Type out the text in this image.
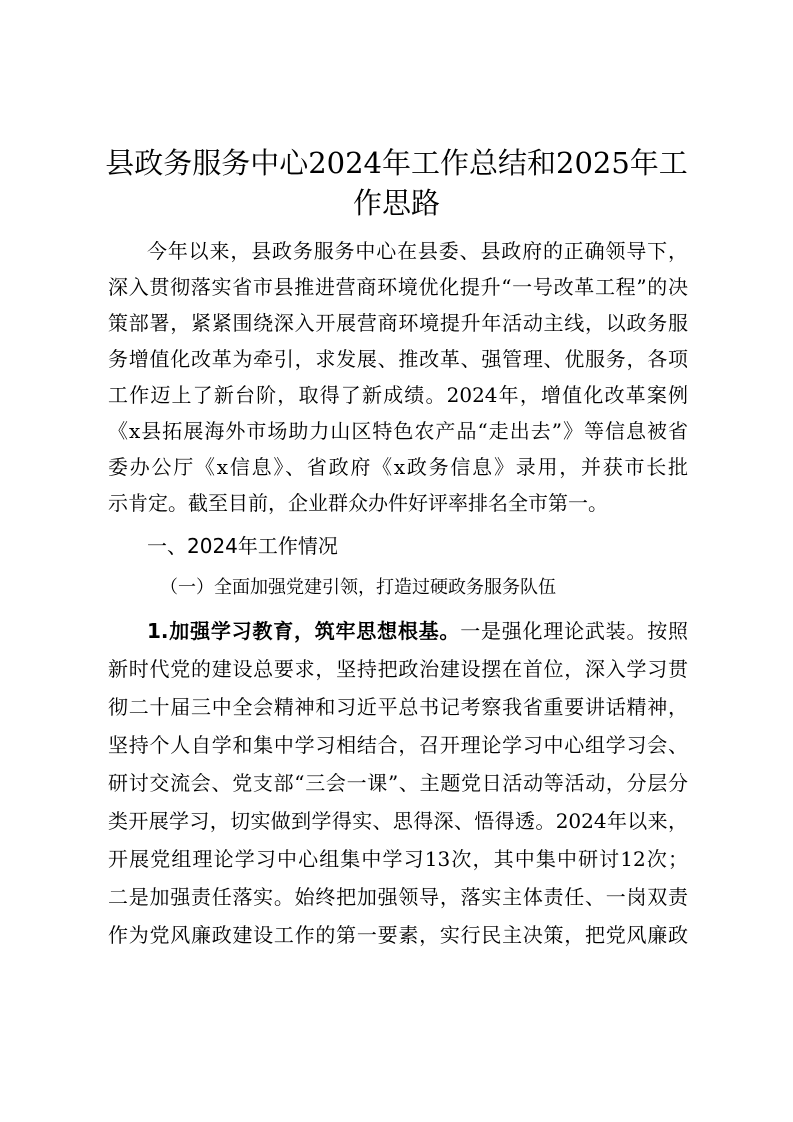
县政务服务中心2024年工作总结和2025年工
作思路
今年以来，县政务服务中心在县委、县政府的正确领导下，
深入贯彻落实省市县推进营商环境优化提升“一号改革工程”的决
策部署，紧紧围绕深入开展营商环境提升年活动主线，以政务服
务增值化改革为牵引，求发展、推改革、强管理、优服务，各项
工作迈上了新台阶，取得了新成绩。2024年，增值化改革案例
《x县拓展海外市场助力山区特色农产品“走出去”》等信息被省
委办公厅《x信息》、省政府《x政务信息》录用，并获市长批
示肯定。截至目前，企业群众办件好评率排名全市第一。
一、2024年工作情况
（一）全面加强党建引领，打造过硬政务服务队伍
1.加强学习教育，筑牢思想根基。一是强化理论武装。按照
新时代党的建设总要求，坚持把政治建设摆在首位，深入学习贯
彻二十届三中全会精神和习近平总书记考察我省重要讲话精神，
坚持个人自学和集中学习相结合，召开理论学习中心组学习会、
研讨交流会、党支部“三会一课”、主题党日活动等活动，分层分
类开展学习，切实做到学得实、思得深、悟得透。2024年以来，
开展党组理论学习中心组集中学习13次，其中集中研讨12次；
二是加强责任落实。始终把加强领导，落实主体责任、一岗双责
作为党风廉政建设工作的第一要素，实行民主决策，把党风廉政
